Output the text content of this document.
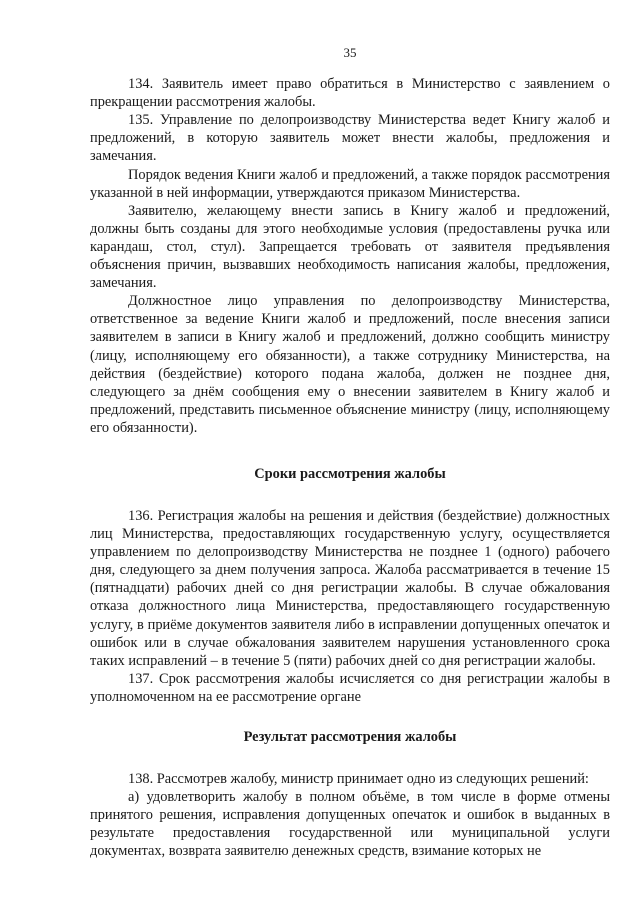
35

134. Заявитель имеет право обратиться в Министерство с заявлением о прекращении рассмотрения жалобы.

135. Управление по делопроизводству Министерства ведет Книгу жалоб и предложений, в которую заявитель может внести жалобы, предложения и замечания.

Порядок ведения Книги жалоб и предложений, а также порядок рассмотрения указанной в ней информации, утверждаются приказом Министерства.

Заявителю, желающему внести запись в Книгу жалоб и предложений, должны быть созданы для этого необходимые условия (предоставлены ручка или карандаш, стол, стул). Запрещается требовать от заявителя предъявления объяснения причин, вызвавших необходимость написания жалобы, предложения, замечания.

Должностное лицо управления по делопроизводству Министерства, ответственное за ведение Книги жалоб и предложений, после внесения записи заявителем в записи в Книгу жалоб и предложений, должно сообщить министру (лицу, исполняющему его обязанности), а также сотруднику Министерства, на действия (бездействие) которого подана жалоба, должен не позднее дня, следующего за днём сообщения ему о внесении заявителем в Книгу жалоб и предложений, представить письменное объяснение министру (лицу, исполняющему его обязанности).

Сроки рассмотрения жалобы

136. Регистрация жалобы на решения и действия (бездействие) должностных лиц Министерства, предоставляющих государственную услугу, осуществляется управлением по делопроизводству Министерства не позднее 1 (одного) рабочего дня, следующего за днем получения запроса. Жалоба рассматривается в течение 15 (пятнадцати) рабочих дней со дня регистрации жалобы. В случае обжалования отказа должностного лица Министерства, предоставляющего государственную услугу, в приёме документов заявителя либо в исправлении допущенных опечаток и ошибок или в случае обжалования заявителем нарушения установленного срока таких исправлений – в течение 5 (пяти) рабочих дней со дня регистрации жалобы.

137. Срок рассмотрения жалобы исчисляется со дня регистрации жалобы в уполномоченном на ее рассмотрение органе

Результат рассмотрения жалобы

138. Рассмотрев жалобу, министр принимает одно из следующих решений:

а) удовлетворить жалобу в полном объёме, в том числе в форме отмены принятого решения, исправления допущенных опечаток и ошибок в выданных в результате предоставления государственной или муниципальной услуги документах, возврата заявителю денежных средств, взимание которых не
